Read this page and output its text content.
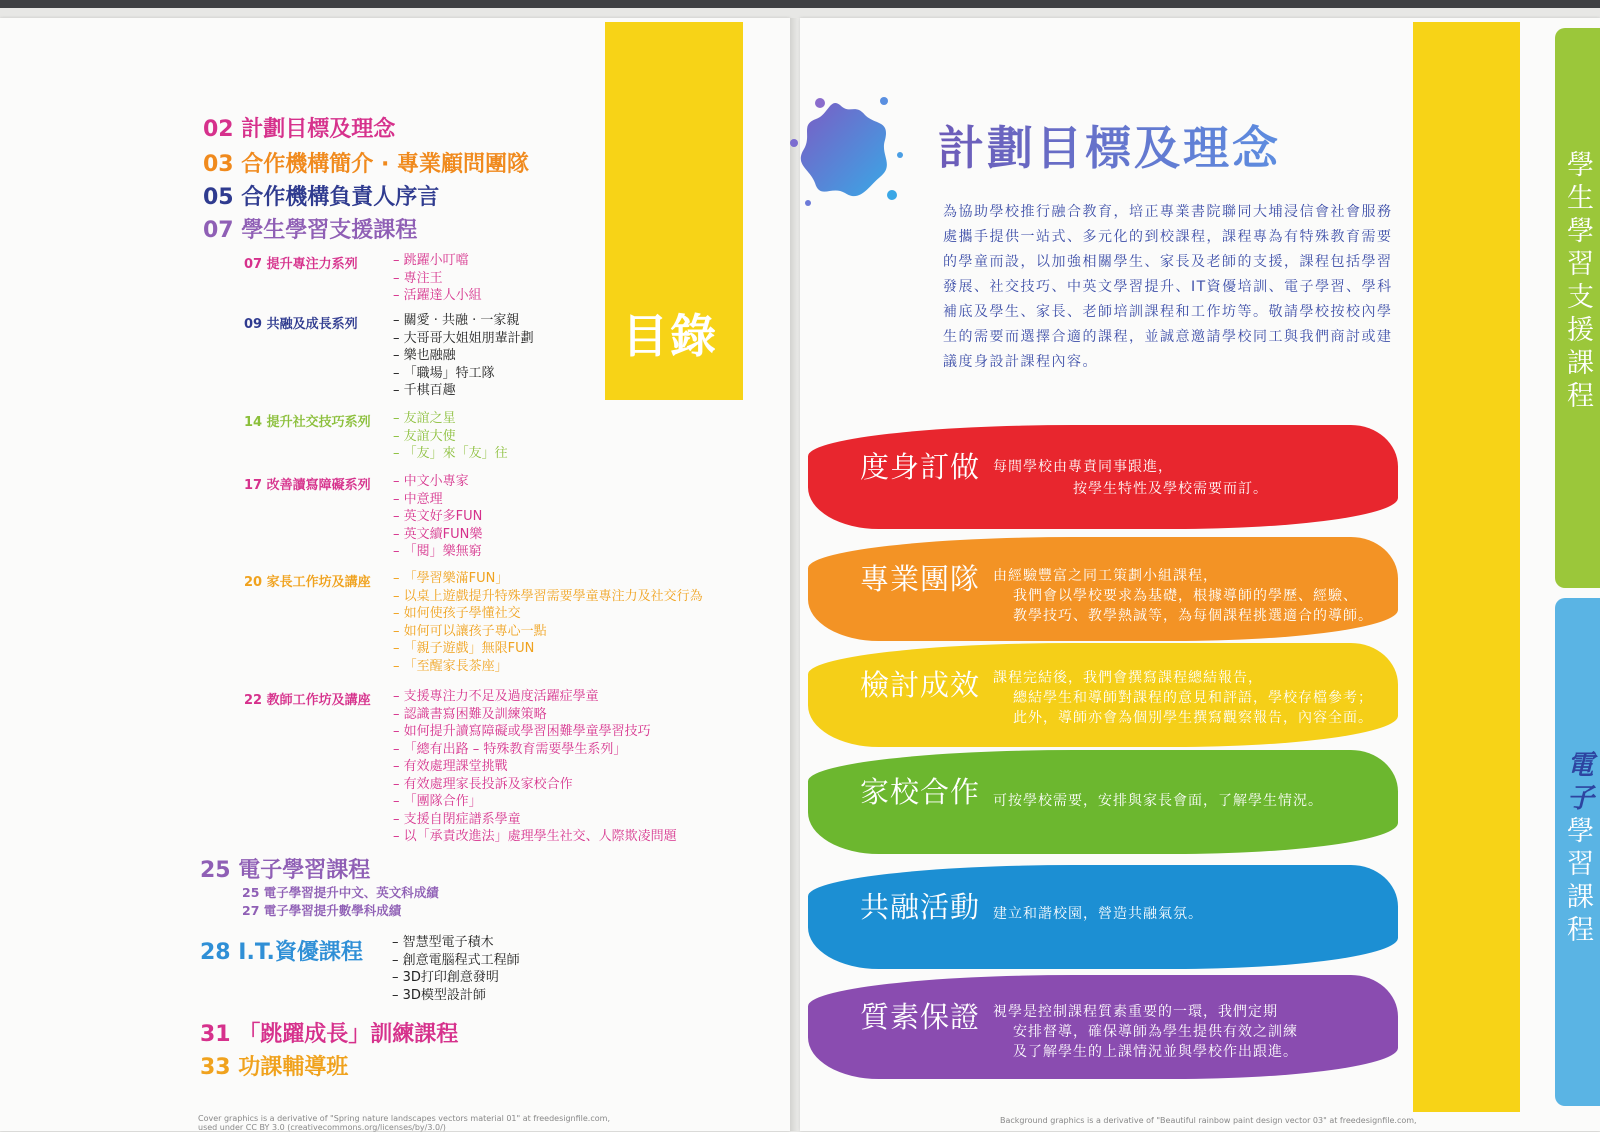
目錄
02 計劃目標及理念
03 合作機構簡介 · 專業顧問團隊
05 合作機構負責人序言
07 學生學習支援課程
07 提升專注力系列	– 跳躍小叮噹
– 專注王
– 活躍達人小組
09 共融及成長系列	– 關愛 · 共融 · 一家親
– 大哥哥大姐姐朋輩計劃
– 樂也融融
– 「職場」特工隊
– 千棋百趣
14 提升社交技巧系列 – 友誼之星
– 友誼大使
– 「友」來「友」往
17 改善讀寫障礙系列 – 中文小專家
– 中意理
– 英文好多FUN
– 英文續FUN樂
– 「閱」樂無窮
20 家長工作坊及講座 – 「學習樂滿FUN」
– 以桌上遊戲提升特殊學習需要學童專注力及社交行為
– 如何使孩子學懂社交
– 如何可以讓孩子專心一點
– 「親子遊戲」無限FUN
– 「至醒家長茶座」
22 教師工作坊及講座 – 支援專注力不足及過度活躍症學童
– 認識書寫困難及訓練策略
– 如何提升讀寫障礙或學習困難學童學習技巧
– 「總有出路 – 特殊教育需要學生系列」
– 有效處理課堂挑戰
– 有效處理家長投訴及家校合作
– 「團隊合作」
– 支援自閉症譜系學童
– 以「承責改進法」處理學生社交、人際欺凌問題
25 電子學習課程
25 電子學習提升中文、英文科成績
27 電子學習提升數學科成績
28 I.T.資優課程 – 智慧型電子積木
– 創意電腦程式工程師
– 3D打印創意發明
– 3D模型設計師
31 「跳躍成長」訓練課程
33 功課輔導班
Cover graphics is a derivative of "Spring nature landscapes vectors material 01" at freedesignfile.com,
used under CC BY 3.0 (creativecommons.org/licenses/by/3.0/)
學生學習支援課程
電子學習課程
計劃目標及理念
為協助學校推行融合教育，培正專業書院聯同大埔浸信會社會服務處攜手提供一站式、多元化的到校課程，課程專為有特殊教育需要的學童而設，以加強相關學生、家長及老師的支援，課程包括學習發展、社交技巧、中英文學習提升、IT資優培訓、電子學習、學科補底及學生、家長、老師培訓課程和工作坊等。敬請學校按校內學生的需要而選擇合適的課程，並誠意邀請學校同工與我們商討或建議度身設計課程內容。
度身訂做 每間學校由專責同事跟進，
按學生特性及學校需要而訂。
專業團隊 由經驗豐富之同工策劃小組課程，
我們會以學校要求為基礎，根據導師的學歷、經驗、
教學技巧、教學熱誠等，為每個課程挑選適合的導師。
檢討成效 課程完結後，我們會撰寫課程總結報告，
總結學生和導師對課程的意見和評語，學校存檔參考；
此外，導師亦會為個別學生撰寫觀察報告，內容全面。
家校合作 可按學校需要，安排與家長會面，了解學生情況。
共融活動 建立和諧校園，營造共融氣氛。
質素保證 視學是控制課程質素重要的一環，我們定期
安排督導，確保導師為學生提供有效之訓練
及了解學生的上課情況並與學校作出跟進。
Background graphics is a derivative of "Beautiful rainbow paint design vector 03" at freedesignfile.com,
